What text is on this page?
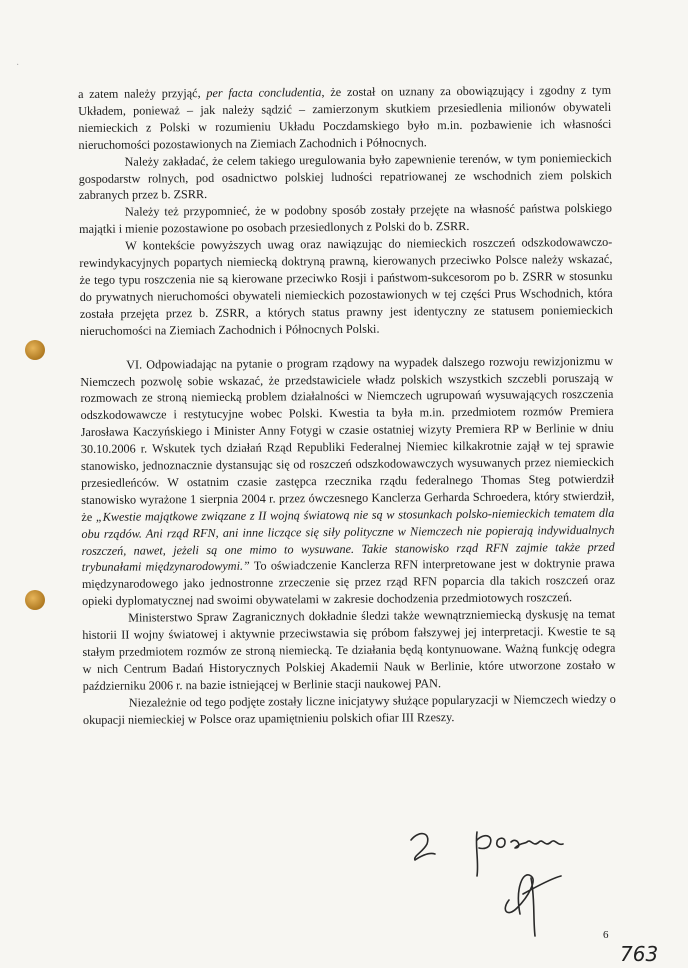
·

a zatem należy przyjąć, per facta concludentia, że został on uznany za obowiązujący i zgodny z tym Układem, ponieważ – jak należy sądzić – zamierzonym skutkiem przesiedlenia milionów obywateli niemieckich z Polski w rozumieniu Układu Poczdamskiego było m.in. pozbawienie ich własności nieruchomości pozostawionych na Ziemiach Zachodnich i Północnych.

Należy zakładać, że celem takiego uregulowania było zapewnienie terenów, w tym poniemieckich gospodarstw rolnych, pod osadnictwo polskiej ludności repatriowanej ze wschodnich ziem polskich zabranych przez b. ZSRR.

Należy też przypomnieć, że w podobny sposób zostały przejęte na własność państwa polskiego majątki i mienie pozostawione po osobach przesiedlonych z Polski do b. ZSRR.

W kontekście powyższych uwag oraz nawiązując do niemieckich roszczeń odszkodowawczo-rewindykacyjnych popartych niemiecką doktryną prawną, kierowanych przeciwko Polsce należy wskazać, że tego typu roszczenia nie są kierowane przeciwko Rosji i państwom-sukcesorom po b. ZSRR w stosunku do prywatnych nieruchomości obywateli niemieckich pozostawionych w tej części Prus Wschodnich, która została przejęta przez b. ZSRR, a których status prawny jest identyczny ze statusem poniemieckich nieruchomości na Ziemiach Zachodnich i Północnych Polski.

VI. Odpowiadając na pytanie o program rządowy na wypadek dalszego rozwoju rewizjonizmu w Niemczech pozwolę sobie wskazać, że przedstawiciele władz polskich wszystkich szczebli poruszają w rozmowach ze stroną niemiecką problem działalności w Niemczech ugrupowań wysuwających roszczenia odszkodowawcze i restytucyjne wobec Polski. Kwestia ta była m.in. przedmiotem rozmów Premiera Jarosława Kaczyńskiego i Minister Anny Fotygi w czasie ostatniej wizyty Premiera RP w Berlinie w dniu 30.10.2006 r. Wskutek tych działań Rząd Republiki Federalnej Niemiec kilkakrotnie zajął w tej sprawie stanowisko, jednoznacznie dystansując się od roszczeń odszkodowawczych wysuwanych przez niemieckich przesiedleńców. W ostatnim czasie zastępca rzecznika rządu federalnego Thomas Steg potwierdził stanowisko wyrażone 1 sierpnia 2004 r. przez ówczesnego Kanclerza Gerharda Schroedera, który stwierdził, że „Kwestie majątkowe związane z II wojną światową nie są w stosunkach polsko-niemieckich tematem dla obu rządów. Ani rząd RFN, ani inne liczące się siły polityczne w Niemczech nie popierają indywidualnych roszczeń, nawet, jeżeli są one mimo to wysuwane. Takie stanowisko rząd RFN zajmie także przed trybunałami międzynarodowymi.” To oświadczenie Kanclerza RFN interpretowane jest w doktrynie prawa międzynarodowego jako jednostronne zrzeczenie się przez rząd RFN poparcia dla takich roszczeń oraz opieki dyplomatycznej nad swoimi obywatelami w zakresie dochodzenia przedmiotowych roszczeń.

Ministerstwo Spraw Zagranicznych dokładnie śledzi także wewnątrzniemiecką dyskusję na temat historii II wojny światowej i aktywnie przeciwstawia się próbom fałszywej jej interpretacji. Kwestie te są stałym przedmiotem rozmów ze stroną niemiecką. Te działania będą kontynuowane. Ważną funkcję odegra w nich Centrum Badań Historycznych Polskiej Akademii Nauk w Berlinie, które utworzone zostało w październiku 2006 r. na bazie istniejącej w Berlinie stacji naukowej PAN.

Niezależnie od tego podjęte zostały liczne inicjatywy służące popularyzacji w Niemczech wiedzy o okupacji niemieckiej w Polsce oraz upamiętnieniu polskich ofiar III Rzeszy.

6
763
